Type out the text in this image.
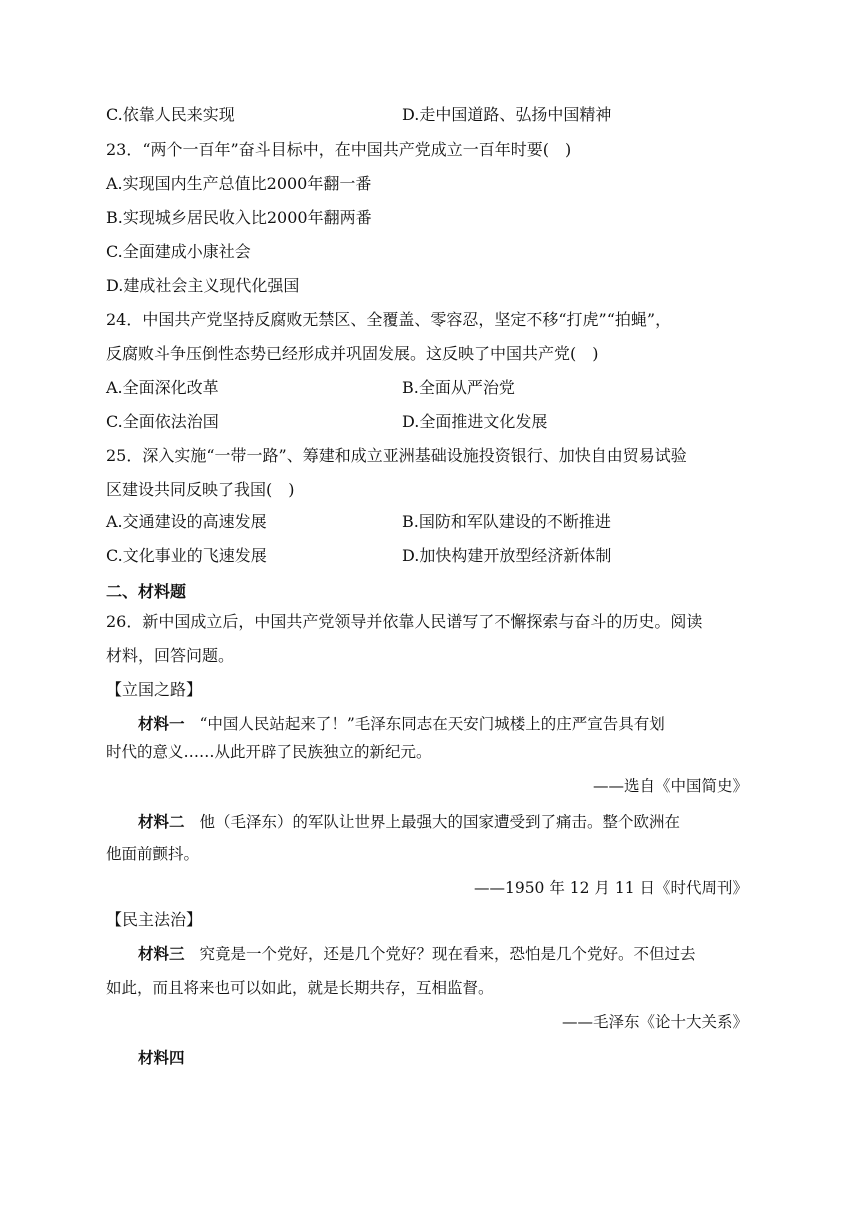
C.依靠人民来实现	D.走中国道路、弘扬中国精神
23．“两个一百年”奋斗目标中，在中国共产党成立一百年时要(　)
A.实现国内生产总值比2000年翻一番
B.实现城乡居民收入比2000年翻两番
C.全面建成小康社会
D.建成社会主义现代化强国
24．中国共产党坚持反腐败无禁区、全覆盖、零容忍，坚定不移“打虎”“拍蝇”，
反腐败斗争压倒性态势已经形成并巩固发展。这反映了中国共产党(　)
A.全面深化改革	B.全面从严治党
C.全面依法治国	D.全面推进文化发展
25．深入实施“一带一路”、筹建和成立亚洲基础设施投资银行、加快自由贸易试验
区建设共同反映了我国(　)
A.交通建设的高速发展	B.国防和军队建设的不断推进
C.文化事业的飞速发展	D.加快构建开放型经济新体制
二、材料题
26．新中国成立后，中国共产党领导并依靠人民谱写了不懈探索与奋斗的历史。阅读
材料，回答问题。
【立国之路】
材料一 “中国人民站起来了！”毛泽东同志在天安门城楼上的庄严宣告具有划
时代的意义……从此开辟了民族独立的新纪元。
——选自《中国简史》
材料二 他（毛泽东）的军队让世界上最强大的国家遭受到了痛击。整个欧洲在
他面前颤抖。
——1950 年 12 月 11 日《时代周刊》
【民主法治】
材料三 究竟是一个党好，还是几个党好？现在看来，恐怕是几个党好。不但过去
如此，而且将来也可以如此，就是长期共存，互相监督。
——毛泽东《论十大关系》
材料四
